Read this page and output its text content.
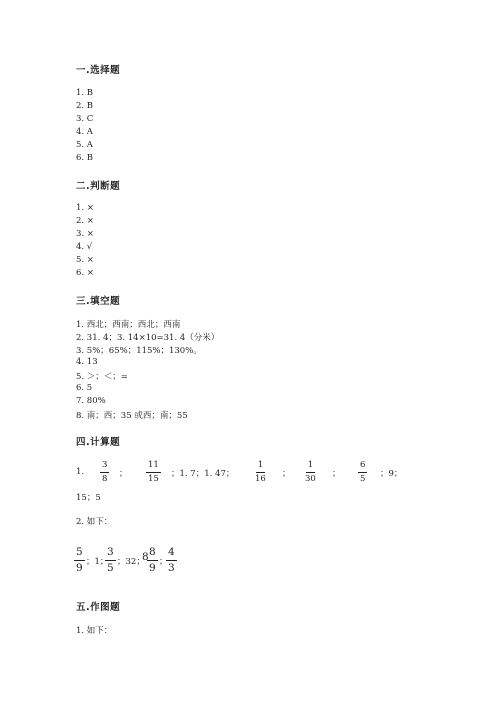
一.选择题
1. B
2. B
3. C
4. A
5. A
6. B
二.判断题
1. ×
2. ×
3. ×
4. √
5. ×
6. ×
三.填空题
1. 西北；西南；西北；西南
2. 31. 4；3. 14×10=31. 4（分米）
3. 5%；65%；115%；130%。
4. 13
5. ＞；＜；=
6. 5
7. 80%
8. 南；西；35 或西；南；55
四.计算题
1. $\frac{3}{8}$ ； $\frac{11}{15}$ ；1. 7；1. 47； $\frac{1}{16}$ ； $\frac{1}{30}$ ； $\frac{6}{5}$ ；9；
15；5
2. 如下：
$\frac{5}{9}$ ；1；
$\frac{3}{5}$ ；32；
8
$\frac{8}{9}$ ；
$\frac{4}{3}$
五.作图题
1. 如下：
